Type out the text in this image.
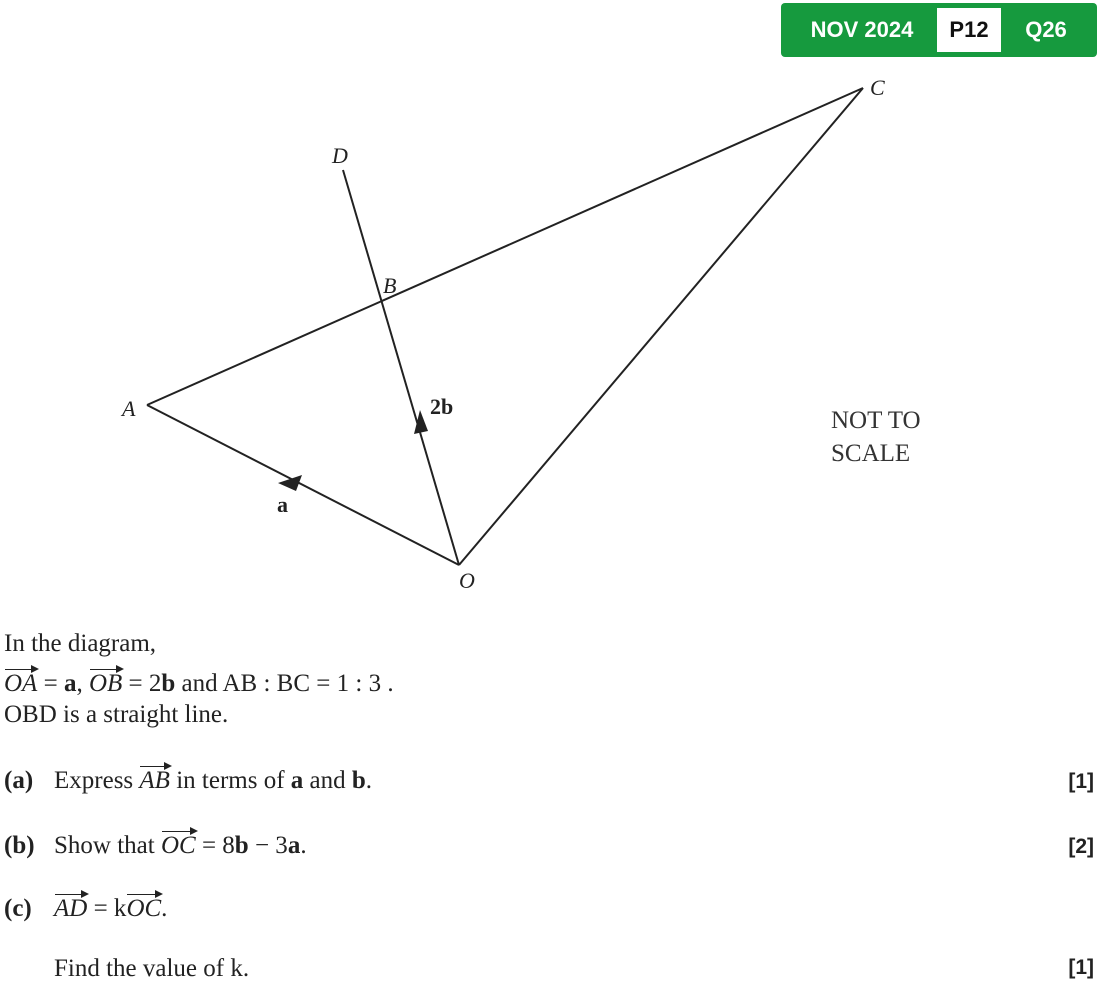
NOV 2024	P12	Q26
A
B
C
D
O
a
2b
NOT TO
SCALE
In the diagram,
OA = a, OB = 2b and AB : BC = 1 : 3 .
OBD is a straight line.
(a) Express AB in terms of a and b.	[1]
(b) Show that OC = 8b − 3a.	[2]
(c) AD = kOC.
Find the value of k.	[1]
